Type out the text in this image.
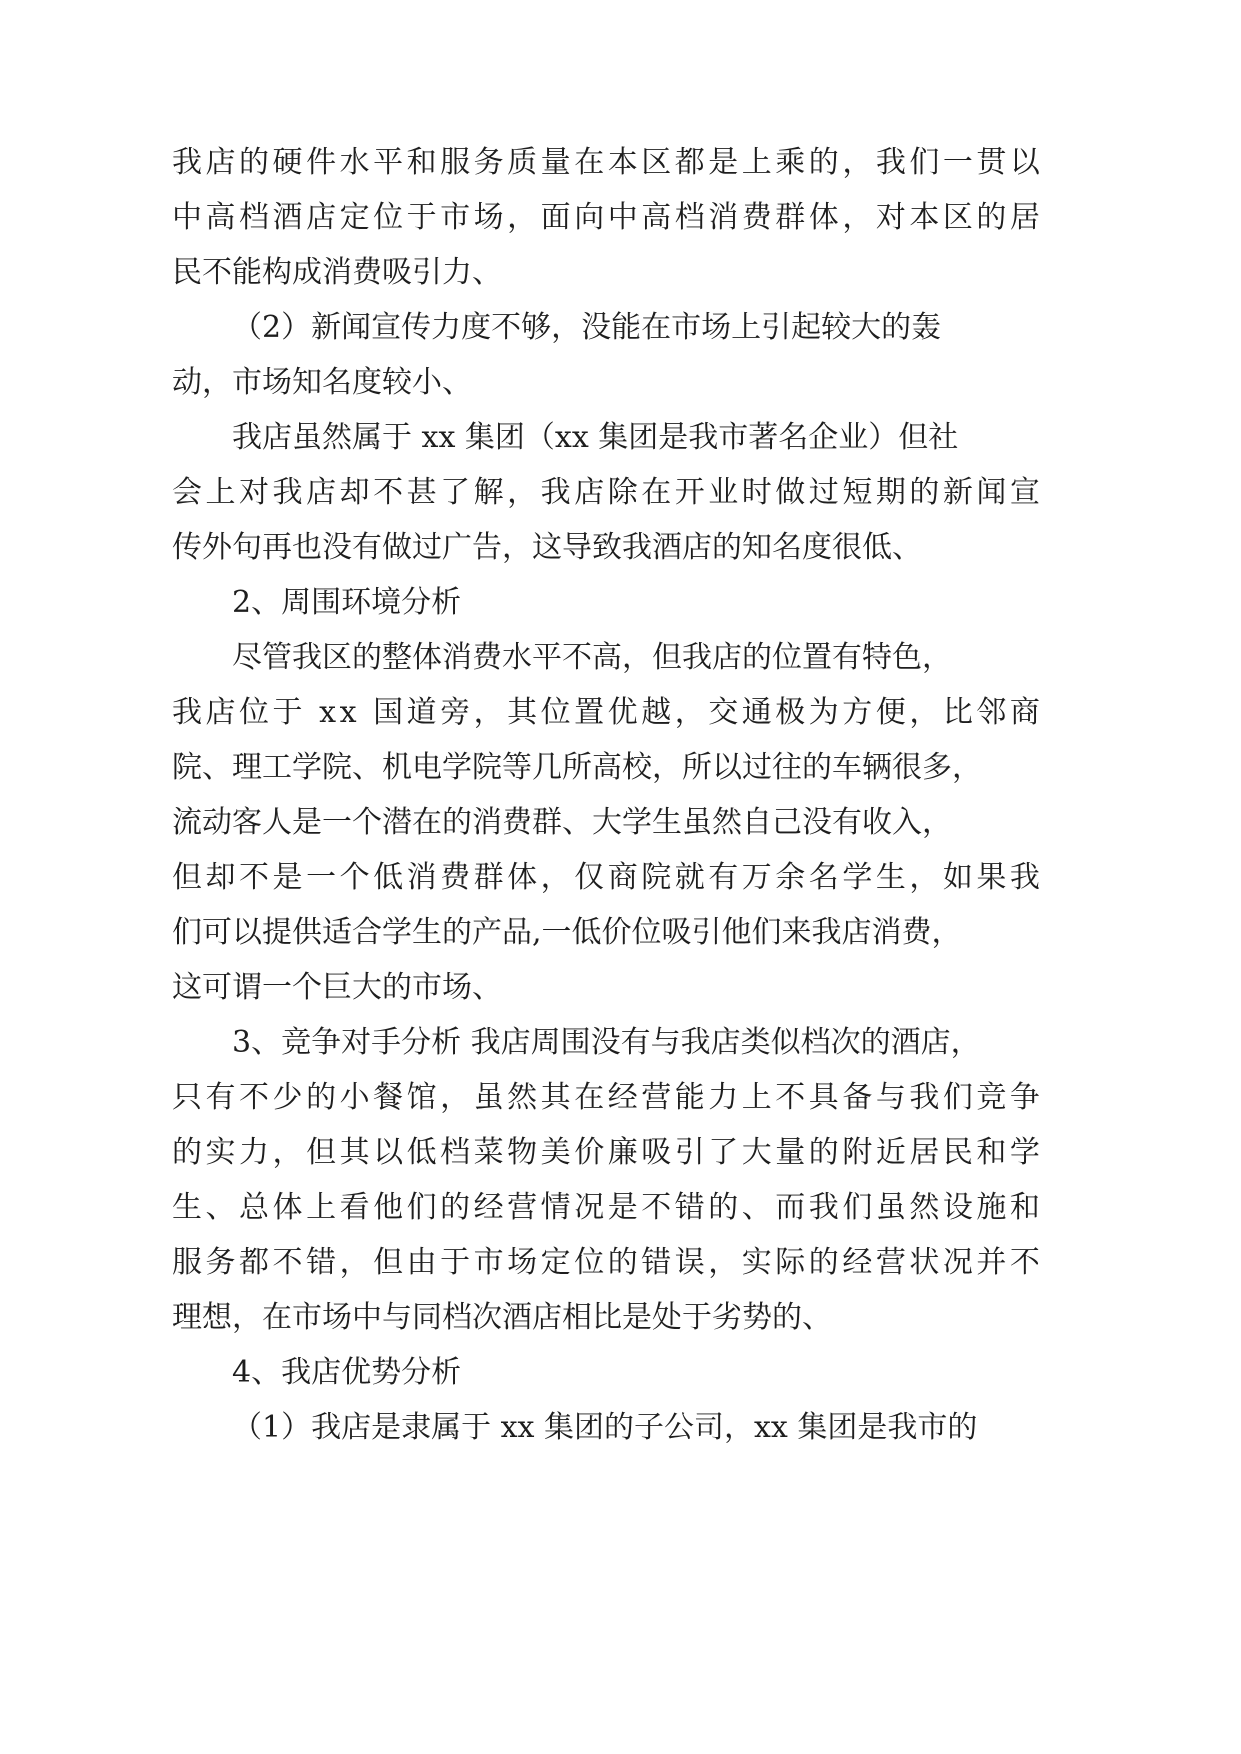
我 店 的 硬 件 水 平 和 服 务 质 量 在 本 区 都 是 上 乘 的 ， 我 们 一 贯 以
中 高 档 酒 店 定 位 于 市 场 ， 面 向 中 高 档 消 费 群 体 ， 对 本 区 的 居

民不能构成消费吸引力、

（2）新闻宣传力度不够，没能在市场上引起较大的轰

动，市场知名度较小、

我店虽然属于 xx 集团（xx 集团是我市著名企业）但社

会 上 对 我 店 却 不 甚 了 解 ， 我 店 除 在 开 业 时 做 过 短 期 的 新 闻 宣

传外句再也没有做过广告，这导致我酒店的知名度很低、

2、周围环境分析

尽管我区的整体消费水平不高，但我店的位置有特色，

我 店 位 于
x x
国 道 旁 ， 其 位 置 优 越 ， 交 通 极 为 方 便 ， 比 邻 商

院、理工学院、机电学院等几所高校，所以过往的车辆很多，

流动客人是一个潜在的消费群、大学生虽然自己没有收入，

但 却 不 是 一 个 低 消 费 群 体 ， 仅 商 院 就 有 万 余 名 学 生 ， 如 果 我

们可以提供适合学生的产品,一低价位吸引他们来我店消费，

这可谓一个巨大的市场、

3、竞争对手分析 我店周围没有与我店类似档次的酒店，

只 有 不 少 的 小 餐 馆 ， 虽 然 其 在 经 营 能 力 上 不 具 备 与 我 们 竞 争
的 实 力 ， 但 其 以 低 档 菜 物 美 价 廉 吸 引 了 大 量 的 附 近 居 民 和 学
生 、 总 体 上 看 他 们 的 经 营 情 况 是 不 错 的 、 而 我 们 虽 然 设 施 和
服 务 都 不 错 ， 但 由 于 市 场 定 位 的 错 误 ， 实 际 的 经 营 状 况 并 不

理想，在市场中与同档次酒店相比是处于劣势的、

4、我店优势分析

（1）我店是隶属于 xx 集团的子公司，xx 集团是我市的
